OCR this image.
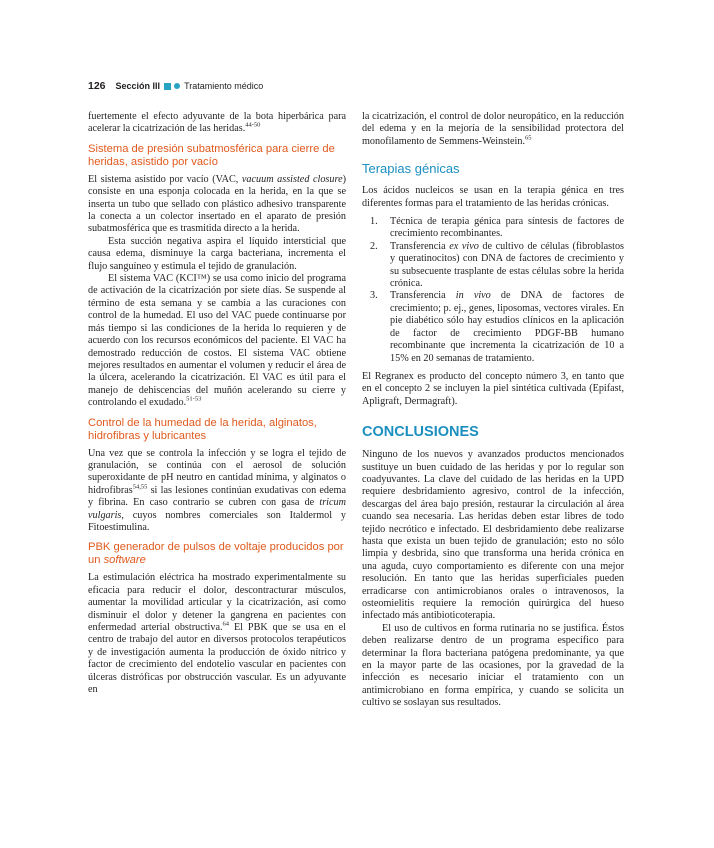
126 Sección III	Tratamiento médico

fuertemente el efecto adyuvante de la bota hiperbárica para acelerar la cicatrización de las heridas.$^{44-50}$

Sistema de presión subatmosférica para cierre de heridas, asistido por vacío

El sistema asistido por vacío (VAC, vacuum assisted closure) consiste en una esponja colocada en la herida, en la que se inserta un tubo que sellado con plástico adhesivo transparente la conecta a un colector insertado en el aparato de presión subatmosférica que es trasmitida directo a la herida.

Esta succión negativa aspira el líquido intersticial que causa edema, disminuye la carga bacteriana, incrementa el flujo sanguíneo y estimula el tejido de granulación.

El sistema VAC (KCI™) se usa como inicio del programa de activación de la cicatrización por siete días. Se suspende al término de esta semana y se cambia a las curaciones con control de la humedad. El uso del VAC puede continuarse por más tiempo si las condiciones de la herida lo requieren y de acuerdo con los recursos económicos del paciente. El VAC ha demostrado reducción de costos. El sistema VAC obtiene mejores resultados en aumentar el volumen y reducir el área de la úlcera, acelerando la cicatrización. El VAC es útil para el manejo de dehiscencias del muñón acelerando su cierre y controlando el exudado.$^{51-53}$

Control de la humedad de la herida, alginatos, hidrofibras y lubricantes

Una vez que se controla la infección y se logra el tejido de granulación, se continúa con el aerosol de solución superoxidante de pH neutro en cantidad mínima, y alginatos o hidrofibras$^{54,55}$ si las lesiones continúan exudativas con edema y fibrina. En caso contrario se cubren con gasa de tricum vulgaris, cuyos nombres comerciales son Italdermol y Fitoestimulina.

PBK generador de pulsos de voltaje producidos por un software

La estimulación eléctrica ha mostrado experimentalmente su eficacia para reducir el dolor, descontracturar músculos, aumentar la movilidad articular y la cicatrización, así como disminuir el dolor y detener la gangrena en pacientes con enfermedad arterial obstructiva.$^{64}$ El PBK que se usa en el centro de trabajo del autor en diversos protocolos terapéuticos y de investigación aumenta la producción de óxido nítrico y factor de crecimiento del endotelio vascular en pacientes con úlceras distróficas por obstrucción vascular. Es un adyuvante en

la cicatrización, el control de dolor neuropático, en la reducción del edema y en la mejoría de la sensibilidad protectora del monofilamento de Semmens-Weinstein.$^{65}$

Terapias génicas

Los ácidos nucleicos se usan en la terapia génica en tres diferentes formas para el tratamiento de las heridas crónicas.

1.	Técnica de terapia génica para síntesis de factores de crecimiento recombinantes.
2.	Transferencia ex vivo de cultivo de células (fibroblastos y queratinocitos) con DNA de factores de crecimiento y su subsecuente trasplante de estas células sobre la herida crónica.
3.	Transferencia in vivo de DNA de factores de crecimiento; p. ej., genes, liposomas, vectores virales. En pie diabético sólo hay estudios clínicos en la aplicación de factor de crecimiento PDGF-BB humano recombinante que incrementa la cicatrización de 10 a 15% en 20 semanas de tratamiento.

El Regranex es producto del concepto número 3, en tanto que en el concepto 2 se incluyen la piel sintética cultivada (Epifast, Apligraft, Dermagraft).

CONCLUSIONES

Ninguno de los nuevos y avanzados productos mencionados sustituye un buen cuidado de las heridas y por lo regular son coadyuvantes. La clave del cuidado de las heridas en la UPD requiere desbridamiento agresivo, control de la infección, descargas del área bajo presión, restaurar la circulación al área cuando sea necesaria. Las heridas deben estar libres de todo tejido necrótico e infectado. El desbridamiento debe realizarse hasta que exista un buen tejido de granulación; esto no sólo limpia y desbrida, sino que transforma una herida crónica en una aguda, cuyo comportamiento es diferente con una mejor resolución. En tanto que las heridas superficiales pueden erradicarse con antimicrobianos orales o intravenosos, la osteomielitis requiere la remoción quirúrgica del hueso infectado más antibioticoterapia.

El uso de cultivos en forma rutinaria no se justifica. Éstos deben realizarse dentro de un programa específico para determinar la flora bacteriana patógena predominante, ya que en la mayor parte de las ocasiones, por la gravedad de la infección es necesario iniciar el tratamiento con un antimicrobiano en forma empírica, y cuando se solicita un cultivo se soslayan sus resultados.
